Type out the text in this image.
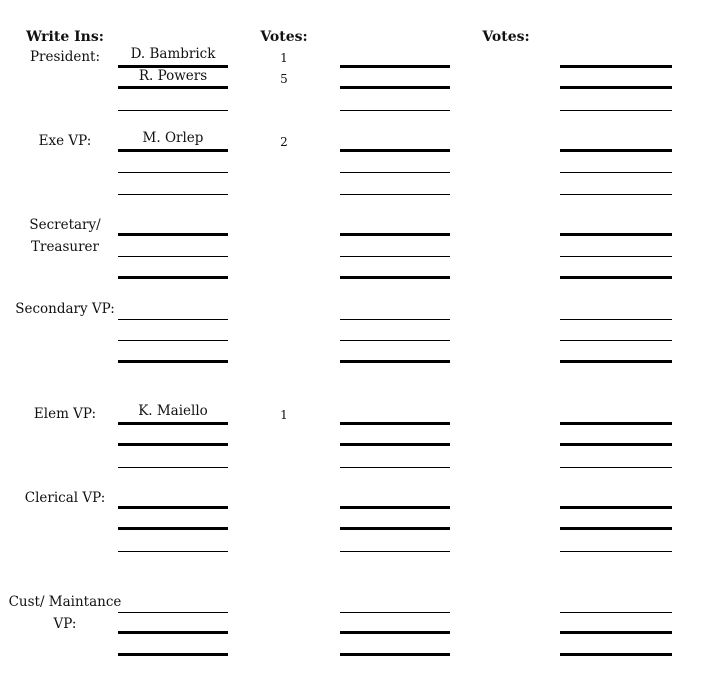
Write Ins:	Votes:	Votes:
President:	D. Bambrick	1
R. Powers	5
Exe VP:	M. Orlep	2
Secretary/
Treasurer
Secondary VP:
Elem VP:	K. Maiello	1
Clerical VP:
Cust/ Maintance
VP:
